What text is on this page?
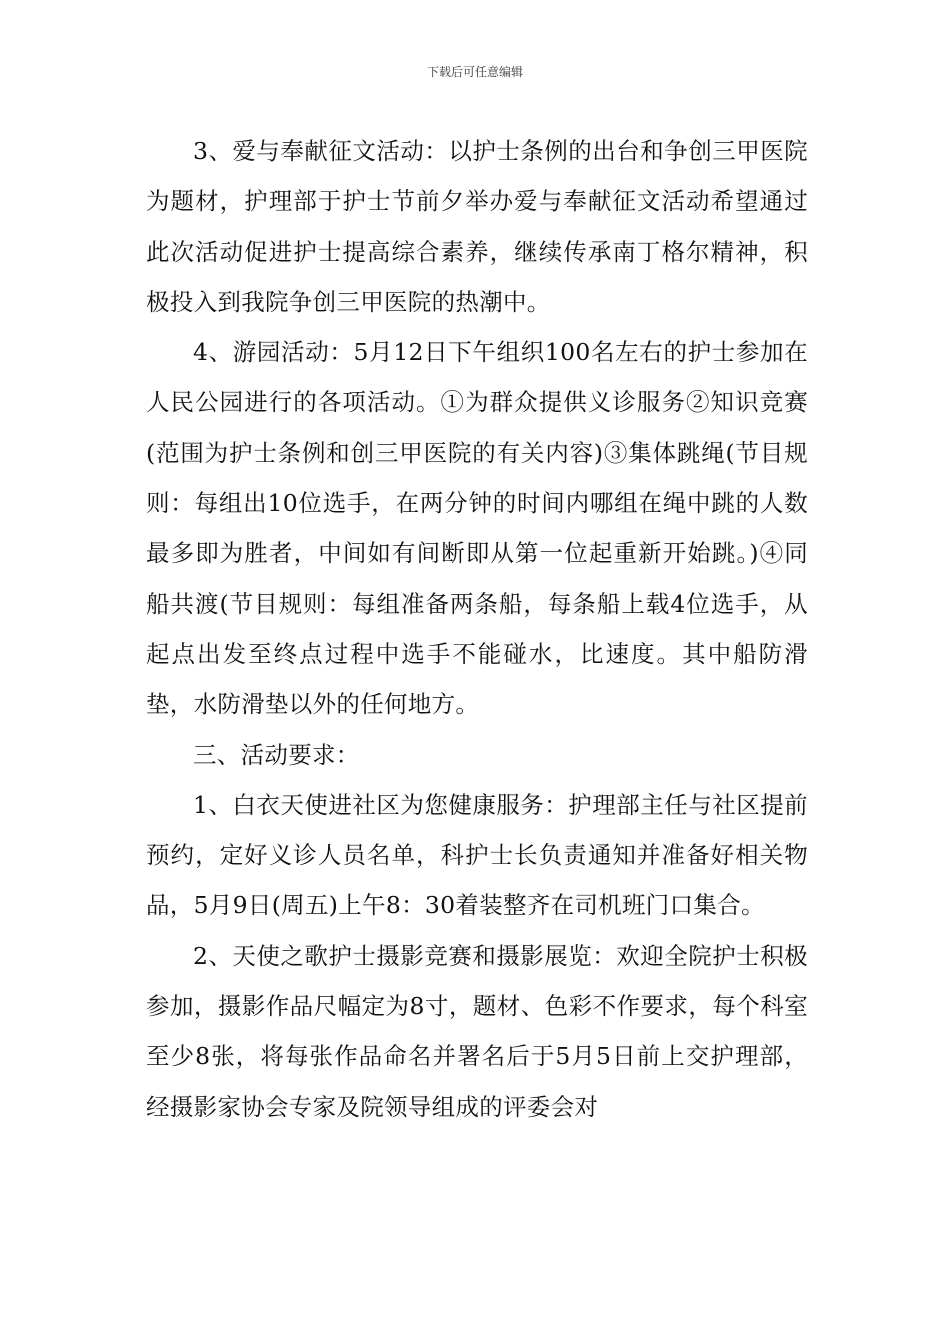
下载后可任意编辑

3、爱与奉献征文活动：以护士条例的出台和争创三甲医院为题材，护理部于护士节前夕举办爱与奉献征文活动希望通过此次活动促进护士提高综合素养，继续传承南丁格尔精神，积极投入到我院争创三甲医院的热潮中。

4、游园活动：5月12日下午组织100名左右的护士参加在人民公园进行的各项活动。①为群众提供义诊服务②知识竞赛(范围为护士条例和创三甲医院的有关内容)③集体跳绳(节目规则：每组出10位选手，在两分钟的时间内哪组在绳中跳的人数最多即为胜者，中间如有间断即从第一位起重新开始跳。)④同船共渡(节目规则：每组准备两条船，每条船上载4位选手，从起点出发至终点过程中选手不能碰水，比速度。其中船防滑垫，水防滑垫以外的任何地方。

三、活动要求：

1、白衣天使进社区为您健康服务：护理部主任与社区提前预约，定好义诊人员名单，科护士长负责通知并准备好相关物品，5月9日(周五)上午8：30着装整齐在司机班门口集合。

2、天使之歌护士摄影竞赛和摄影展览：欢迎全院护士积极参加，摄影作品尺幅定为8寸，题材、色彩不作要求，每个科室至少8张，将每张作品命名并署名后于5月5日前上交护理部，经摄影家协会专家及院领导组成的评委会对
